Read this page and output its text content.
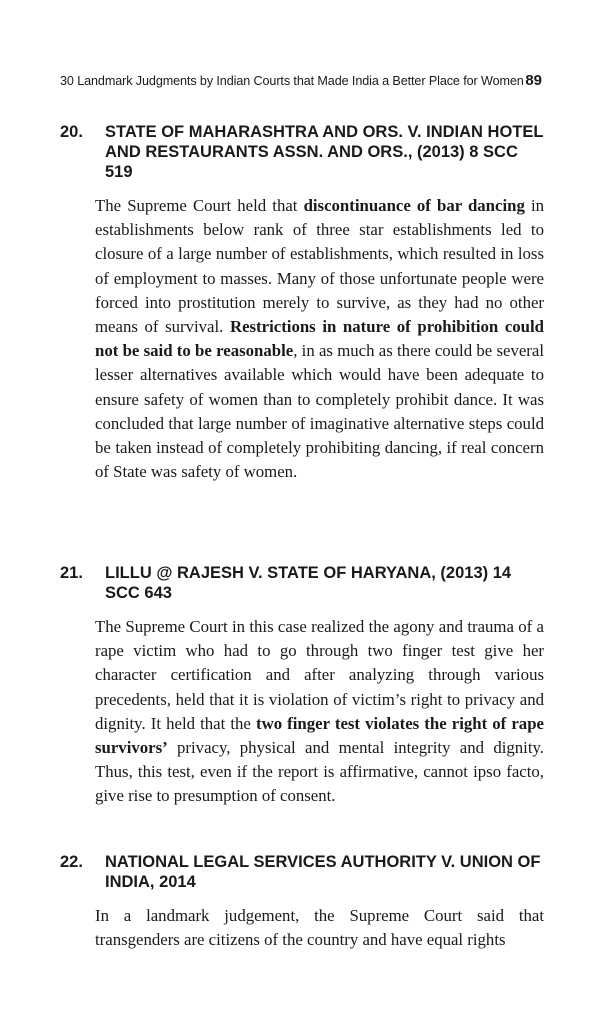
30 Landmark Judgments by Indian Courts that Made India a Better Place for Women 89
20.	STATE OF MAHARASHTRA AND ORS. V. INDIAN HOTEL AND RESTAURANTS ASSN. AND ORS., (2013) 8 SCC 519

The Supreme Court held that discontinuance of bar dancing in establishments below rank of three star establishments led to closure of a large number of establishments, which resulted in loss of employment to masses. Many of those unfortunate people were forced into prostitution merely to survive, as they had no other means of survival. Restrictions in nature of prohibition could not be said to be reasonable, in as much as there could be several lesser alternatives available which would have been adequate to ensure safety of women than to completely prohibit dance. It was concluded that large number of imaginative alternative steps could be taken instead of completely prohibiting dancing, if real concern of State was safety of women.

21.	LILLU @ RAJESH V. STATE OF HARYANA, (2013) 14 SCC 643

The Supreme Court in this case realized the agony and trauma of a rape victim who had to go through two finger test give her character certification and after analyzing through various precedents, held that it is violation of victim’s right to privacy and dignity. It held that the two finger test violates the right of rape survivors’ privacy, physical and mental integrity and dignity. Thus, this test, even if the report is affirmative, cannot ipso facto, give rise to presumption of consent.

22.	NATIONAL LEGAL SERVICES AUTHORITY V. UNION OF INDIA, 2014

In a landmark judgement, the Supreme Court said that transgenders are citizens of the country and have equal rights
